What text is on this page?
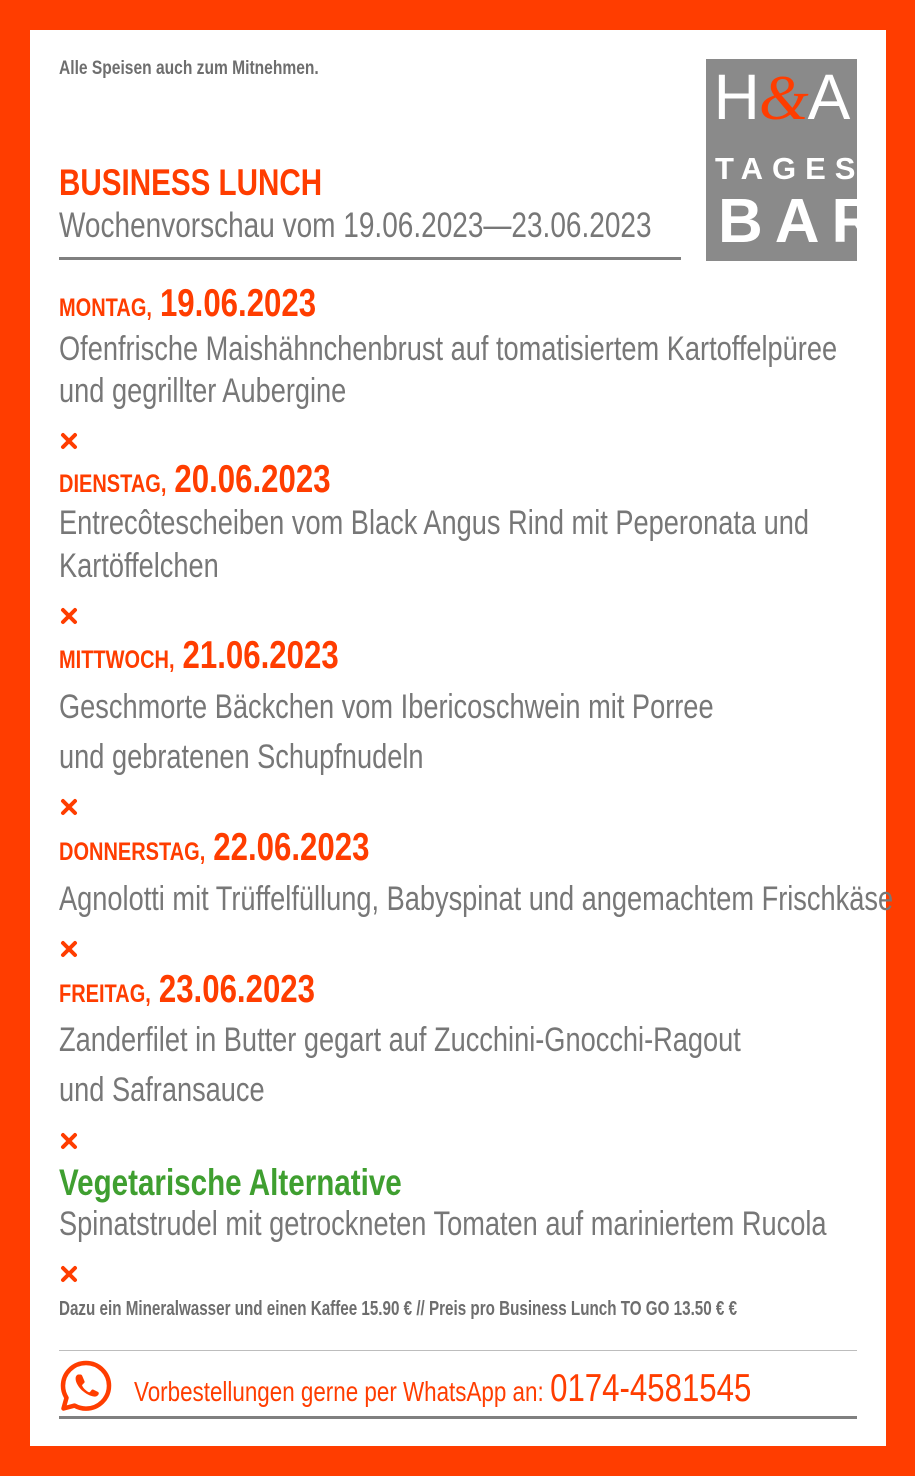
Alle Speisen auch zum Mitnehmen.
BUSINESS LUNCH
Wochenvorschau vom 19.06.2023—23.06.2023
H&A
TAGES
BAR
MONTAG, 19.06.2023
Ofenfrische Maishähnchenbrust auf tomatisiertem Kartoffelpüree
und gegrillter Aubergine
DIENSTAG, 20.06.2023
Entrecôtescheiben vom Black Angus Rind mit Peperonata und
Kartöffelchen
MITTWOCH, 21.06.2023
Geschmorte Bäckchen vom Ibericoschwein mit Porree
und gebratenen Schupfnudeln
DONNERSTAG, 22.06.2023
Agnolotti mit Trüffelfüllung, Babyspinat und angemachtem Frischkäse
FREITAG, 23.06.2023
Zanderfilet in Butter gegart auf Zucchini-Gnocchi-Ragout
und Safransauce
Vegetarische Alternative
Spinatstrudel mit getrockneten Tomaten auf mariniertem Rucola
Dazu ein Mineralwasser und einen Kaffee 15.90 € // Preis pro Business Lunch TO GO 13.50 € €
Vorbestellungen gerne per WhatsApp an: 0174-4581545
